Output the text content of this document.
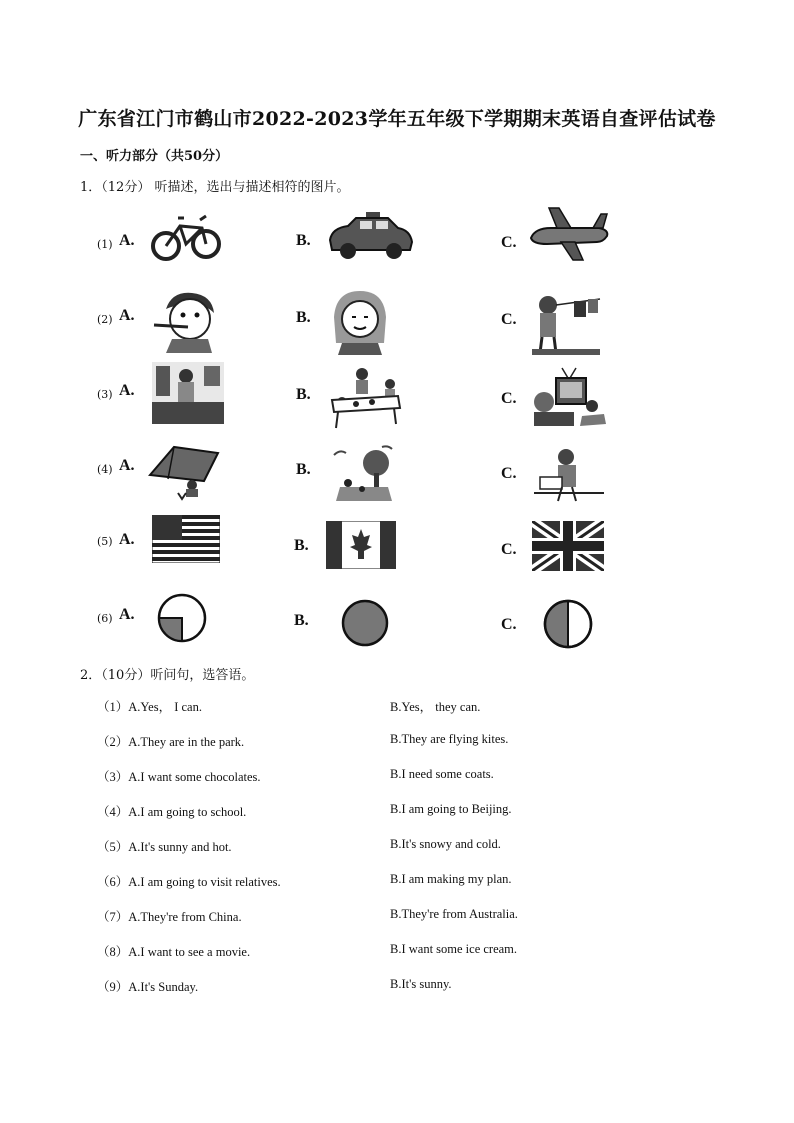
广东省江门市鹤山市2022-2023学年五年级下学期期末英语自查评估试卷
一、听力部分（共50分）
1．（12分） 听描述，选出与描述相符的图片。
(1) A.	B.	C.
(2) A.	B.	C.
(3) A.	B.	C.
(4) A.	B.	C.
(5) A.	B.	C.
(6) A.	B.	C.
2．（10分）听问句，选答语。
（1）A.Yes， I can.	B.Yes， they can.
（2）A.They are in the park.	B.They are flying kites.
（3）A.I want some chocolates.	B.I need some coats.
（4）A.I am going to school.	B.I am going to Beijing.
（5）A.It's sunny and hot.	B.It's snowy and cold.
（6）A.I am going to visit relatives.	B.I am making my plan.
（7）A.They're from China.	B.They're from Australia.
（8）A.I want to see a movie.	B.I want some ice cream.
（9）A.It's Sunday.	B.It's sunny.
